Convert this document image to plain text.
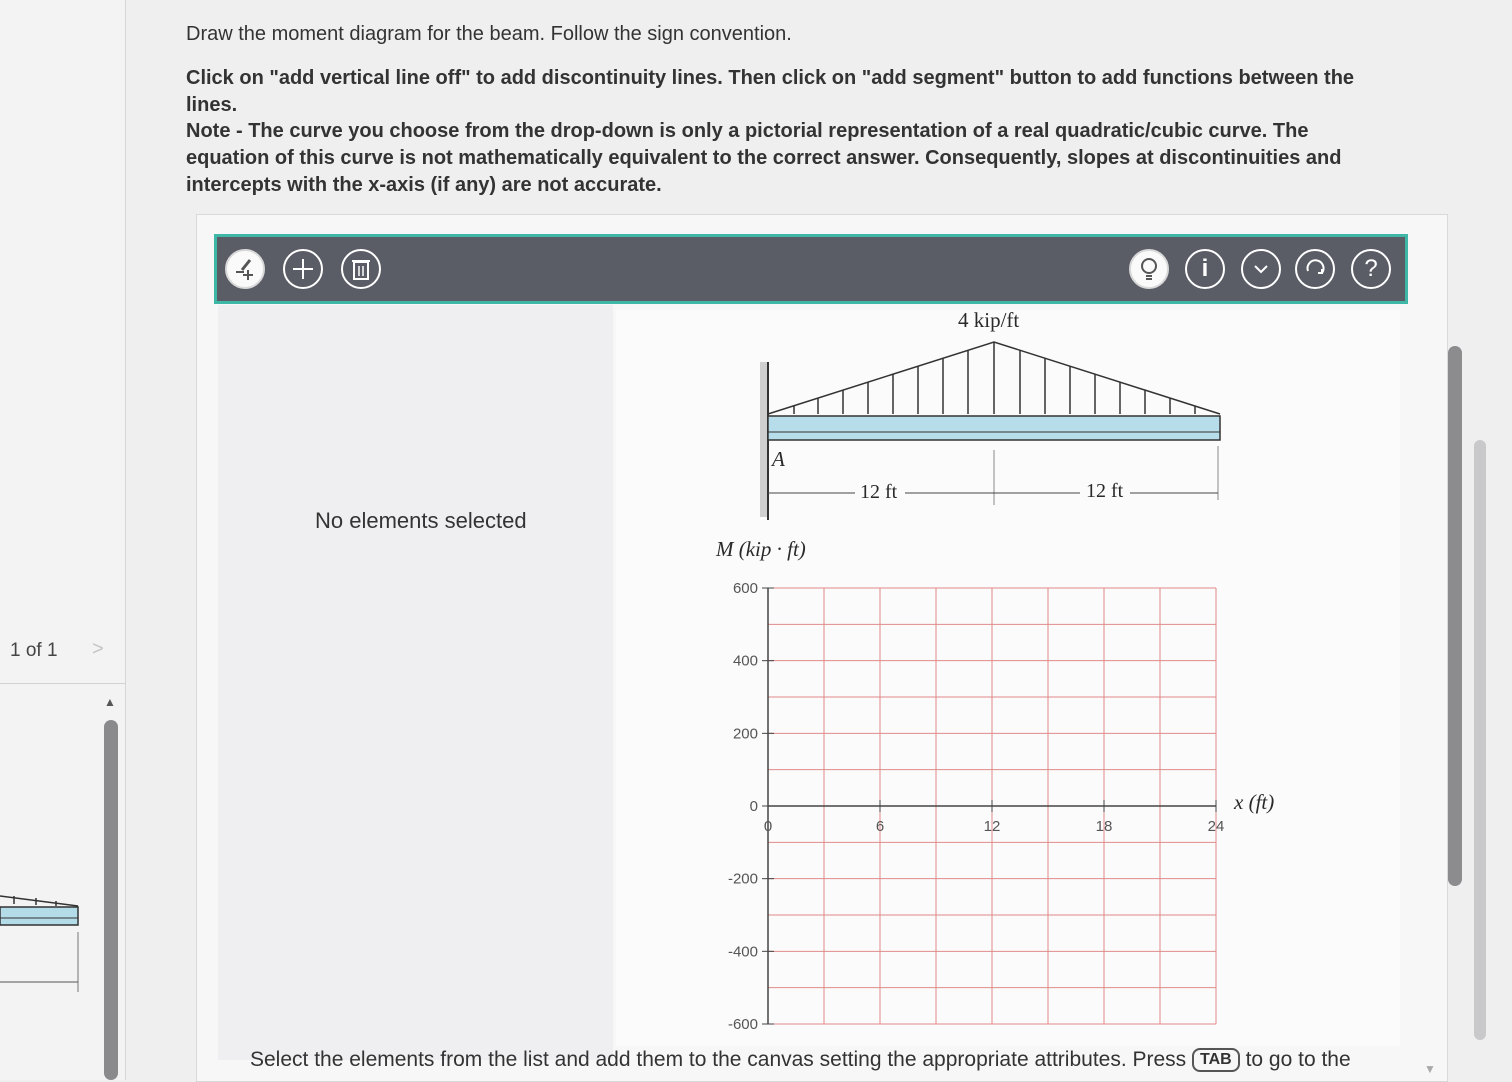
1 of 1 >
▲
Draw the moment diagram for the beam. Follow the sign convention.
Click on "add vertical line off" to add discontinuity lines. Then click on "add segment" button to add functions between the lines.
Note - The curve you choose from the drop-down is only a pictorial representation of a real quadratic/cubic curve. The equation of this curve is not mathematically equivalent to the correct answer. Consequently, slopes at discontinuities and intercepts with the x-axis (if any) are not accurate.
i	?
No elements selected
600
400
200
0
-200
-400
-600
0	6	12	18	24
4 kip/ft
A
12 ft	12 ft
M (kip · ft)
x (ft)
Select the elements from the list and add them to the canvas setting the appropriate attributes. Press TAB to go to the	▼
